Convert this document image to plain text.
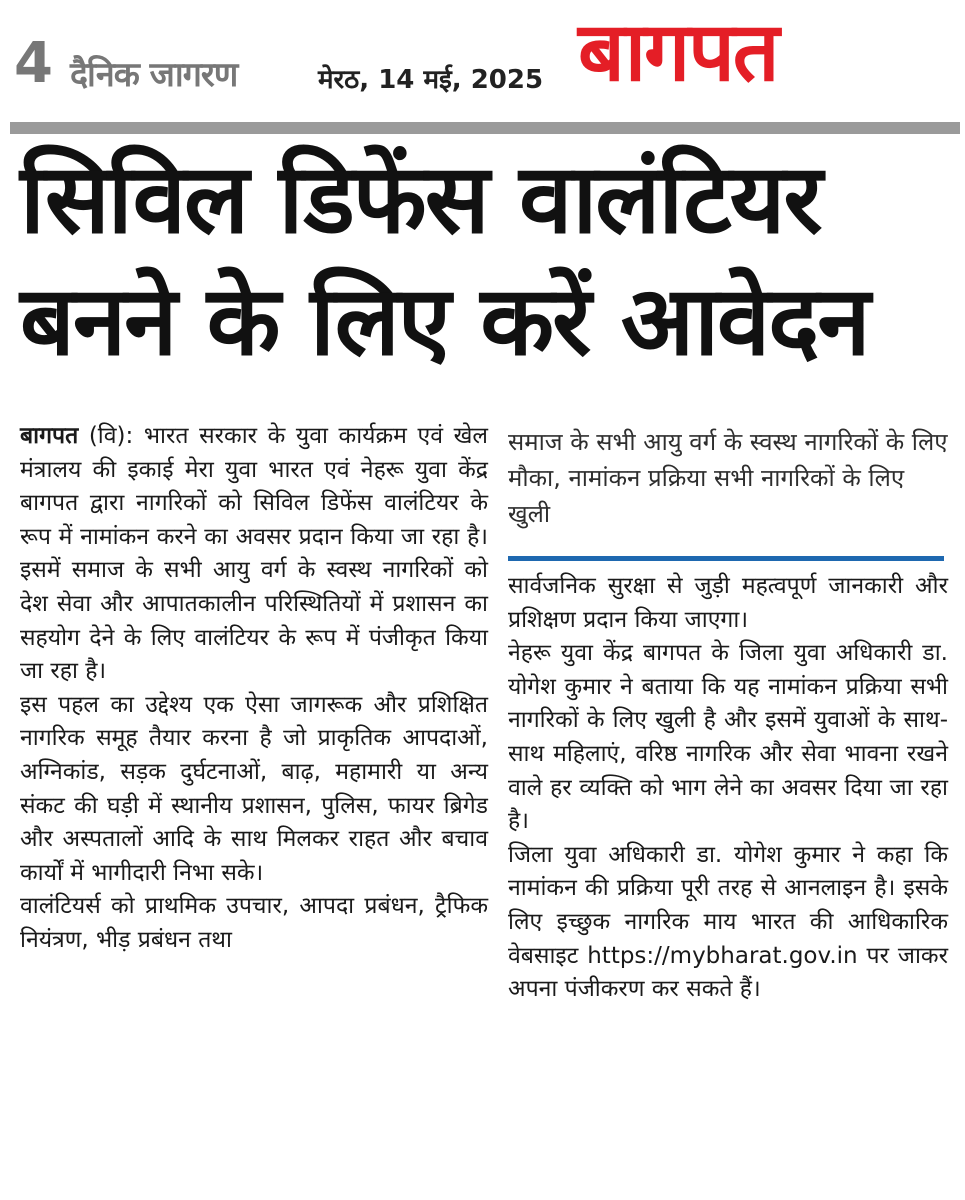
4 दैनिक जागरण	मेरठ, 14 मई, 2025 बागपत
सिविल डिफेंस वालंटियर
बनने के लिए करें आवेदन

बागपत (वि): भारत सरकार के युवा कार्यक्रम एवं खेल मंत्रालय की इकाई मेरा युवा भारत एवं नेहरू युवा केंद्र बागपत द्वारा नागरिकों को सिविल डिफेंस वालंटियर के रूप में नामांकन करने का अवसर प्रदान किया जा रहा है। इसमें समाज के सभी आयु वर्ग के स्वस्थ नागरिकों को देश सेवा और आपातकालीन परिस्थितियों में प्रशासन का सहयोग देने के लिए वालंटियर के रूप में पंजीकृत किया जा रहा है।

इस पहल का उद्देश्य एक ऐसा जागरूक और प्रशिक्षित नागरिक समूह तैयार करना है जो प्राकृतिक आपदाओं, अग्निकांड, सड़क दुर्घटनाओं, बाढ़, महामारी या अन्य संकट की घड़ी में स्थानीय प्रशासन, पुलिस, फायर ब्रिगेड और अस्पतालों आदि के साथ मिलकर राहत और बचाव कार्यों में भागीदारी निभा सके।

वालंटियर्स को प्राथमिक उपचार, आपदा प्रबंधन, ट्रैफिक नियंत्रण, भीड़ प्रबंधन तथा

समाज के सभी आयु वर्ग के स्वस्थ नागरिकों के लिए मौका, नामांकन प्रक्रिया सभी नागरिकों के लिए खुली

सार्वजनिक सुरक्षा से जुड़ी महत्वपूर्ण जानकारी और प्रशिक्षण प्रदान किया जाएगा।

नेहरू युवा केंद्र बागपत के जिला युवा अधिकारी डा. योगेश कुमार ने बताया कि यह नामांकन प्रक्रिया सभी नागरिकों के लिए खुली है और इसमें युवाओं के साथ-साथ महिलाएं, वरिष्ठ नागरिक और सेवा भावना रखने वाले हर व्यक्ति को भाग लेने का अवसर दिया जा रहा है।

जिला युवा अधिकारी डा. योगेश कुमार ने कहा कि नामांकन की प्रक्रिया पूरी तरह से आनलाइन है। इसके लिए इच्छुक नागरिक माय भारत की आधिकारिक वेबसाइट https://mybharat.gov.in पर जाकर अपना पंजीकरण कर सकते हैं।
